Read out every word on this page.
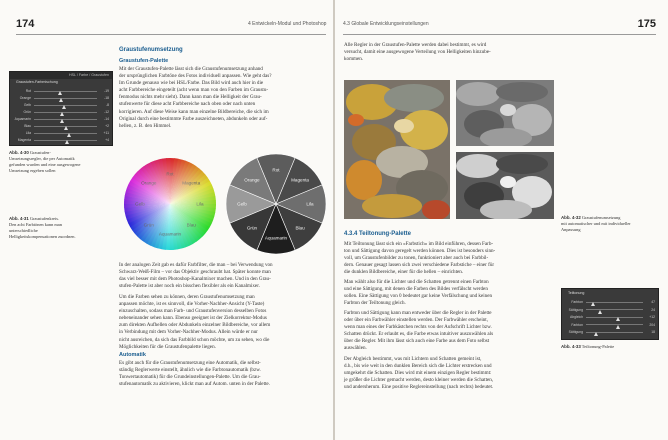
174	4 Entwickeln-Modul und Photoshop
HSL / Farbe / Graustufen
Graustufen-Farbmischung
Rot	-19
Orange	-18
Gelb	-8
Grün	-12
Aquamarin	-14
Blau	+2
Lila	+11
Magenta	+4

Abb. 4-30 Graustufen-
Umsetzungsregler, die per Automatik
gefunden wurden und eine ausgewogene
Umsetzung ergeben sollen

Abb. 4-31 Graustufenkreis.
Den acht Farbtönen kann man
unterschiedliche
Helligkeitskompensationen zuordnen.

Graustufenumsetzung
Graustufen-Palette

Mit der Graustufen-Palette lässt sich die Graustufenumsetzung anhand
der ursprünglichen Farbtöne des Fotos individuell anpassen. Wie geht das?
Im Grunde genauso wie bei HSL/Farbe. Das Bild wird auch hier in die
acht Farbbereiche eingeteilt (acht wenn man von den Farben im Graustu-
fenmodus nichts mehr sieht). Dann kann man die Helligkeit der Grau-
stufenwerte für diese acht Farbbereiche nach oben oder nach unten
korrigieren. Auf diese Weise kann man einzelne Bildbereiche, die sich im
Original durch eine bestimmte Farbe auszeichneten, abdunkeln oder auf-
hellen, z. B. den Himmel.

Rot
Magenta
Lila
Blau
Aquamarin
Grün
Gelb
Orange

In der analogen Zeit gab es dafür Farbfilter, die man – bei Verwendung von
Schwarz-Weiß-Film – vor das Objektiv geschraubt hat. Später konnte man
das viel besser mit dem Photoshop-Kanalmixer machen. Und in den Grau-
stufen-Palette ist aber noch ein bisschen flexibler als ein Kanalmixer.

Um die Farben sehen zu können, deren Graustufenumsetzung man
anpassen möchte, ist es sinnvoll, die Vorher-Nachher-Ansicht (Y-Taste)
einzuschalten, sodass man Farb- und Graustufenversion desselben Fotos
nebeneinander sehen kann. Ebenso geeignet ist der Zielkorrektur-Modus
zum direkten Aufhellen oder Abdunkeln einzelner Bildbereiche, vor allem
in Verbindung mit dem Vorher-Nachher-Modus. Allein würde er nur
nicht ausreichen, da sich das Farbbild schon möchte, um zu sehen, wo die
Möglichkeiten für die Graustufenpalette liegen.

Automatik

Es gibt auch für die Graustufenumsetzung eine Automatik, die selbst-
ständig Reglerwerte einstellt, ähnlich wie die Farbtonautomatik (bzw.
Tonwertautomatik) für die Grundeinstellungen-Palette. Um die Grau-
stufenautomatik zu aktivieren, klickt man auf Autom. unten in der Palette.

4.3 Globale Entwicklungseinstellungen	175

Alle Regler in der Graustufen-Palette werden dabei bestimmt, es wird
versucht, damit eine ausgewogene Verteilung von Helligkeiten hinzube-
kommen.

Abb. 4-32 Graustufenumsetzung
mit automatischer und mit individueller
Anpassung

4.3.4 Teiltonung-Palette

Mit Teiltonung lässt sich ein »Farbstich« im Bild einführen, dessen Farb-
ton und Sättigung davon geregelt werden können. Dies ist besonders sinn-
voll, um Graustufenbilder zu tonen, funktioniert aber auch bei Farbbil-
dern. Genauer gesagt lassen sich zwei verschiedene Farbstiche – einer für
die dunklen Bildbereiche, einer für die hellen – einrichten.

Man wählt also für die Lichter und die Schatten getrennt einen Farbton
und eine Sättigung, mit denen die Farben des Bildes verfälscht werden
sollen. Eine Sättigung von 0 bedeutet gar keine Verfälschung und keinen
Farbton der Teiltonung gleich.

Farbton und Sättigung kann man entweder über die Regler in der Palette
oder über ein Farbwähler einstellen werden. Der Farbwähler erscheint,
wenn man eines der Farbkästchen rechts von der Aufschrift Lichter bzw.
Schatten drückt. Er erlaubt es, die Farbe etwas intuitiver auszuwählen als
über die Regler. Mit ihm lässt sich auch eine Farbe aus dem Foto selbst
auswählen.

Der Abgleich bestimmt, was mit Lichtern und Schatten gemeint ist,
d.h., bis wie weit in den dunklen Bereich sich die Lichter erstrecken und
umgekehrt die Schatten. Dies wird mit einem einzigen Regler bestimmt:
je größer die Lichter gemacht werden, desto kleiner werden die Schatten,
und andersherum. Eine positive Reglereinstellung (nach rechts) bedeutet.

Teiltonung
Farbton	47
Sättigung	24
Abgleich	+12
Farbton	204
Sättigung	18

Abb. 4-33 Teiltonung-Palette
